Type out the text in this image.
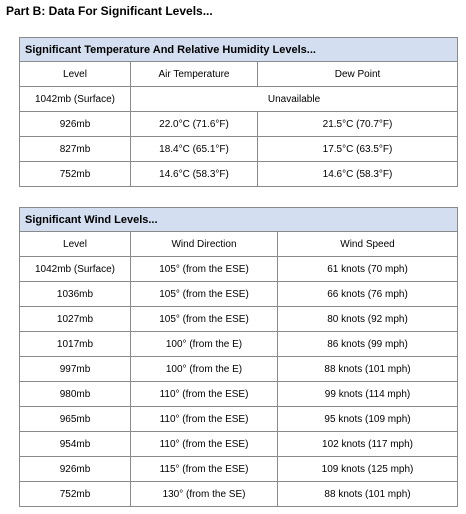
Part B: Data For Significant Levels...
Significant Temperature And Relative Humidity Levels...		
Level	Air Temperature	Dew Point
1042mb (Surface)	Unavailable	
926mb	22.0°C (71.6°F)	21.5°C (70.7°F)
827mb	18.4°C (65.1°F)	17.5°C (63.5°F)
752mb	14.6°C (58.3°F)	14.6°C (58.3°F)
Significant Wind Levels...		
Level	Wind Direction	Wind Speed
1042mb (Surface)	105° (from the ESE)	61 knots (70 mph)
1036mb	105° (from the ESE)	66 knots (76 mph)
1027mb	105° (from the ESE)	80 knots (92 mph)
1017mb	100° (from the E)	86 knots (99 mph)
997mb	100° (from the E)	88 knots (101 mph)
980mb	110° (from the ESE)	99 knots (114 mph)
965mb	110° (from the ESE)	95 knots (109 mph)
954mb	110° (from the ESE)	102 knots (117 mph)
926mb	115° (from the ESE)	109 knots (125 mph)
752mb	130° (from the SE)	88 knots (101 mph)
